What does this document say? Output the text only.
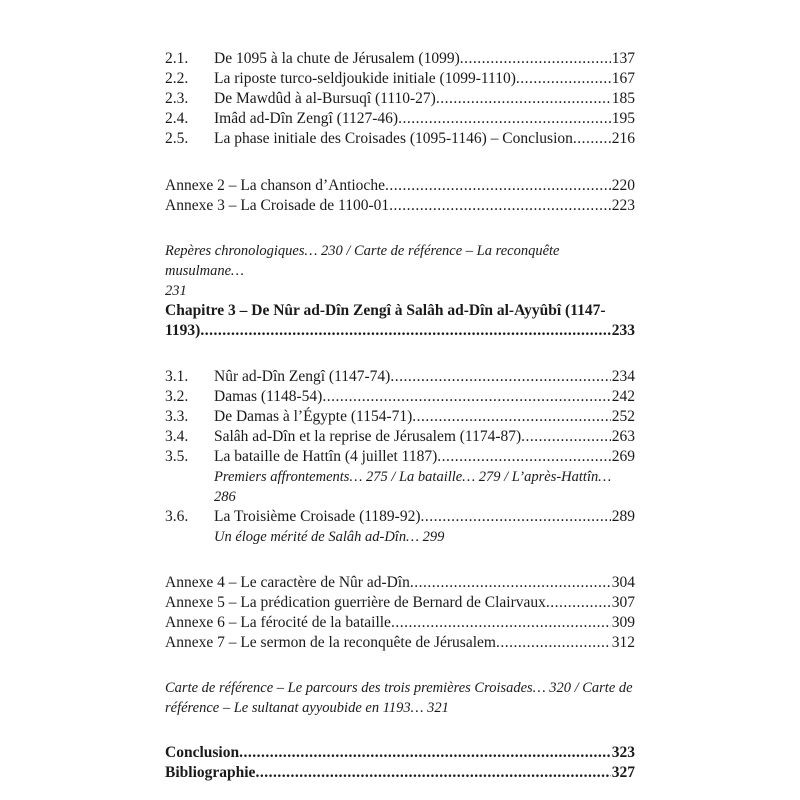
2.1.	De 1095 à la chute de Jérusalem (1099) .....	137
2.2.	La riposte turco-seldjoukide initiale (1099-1110) .....	167
2.3.	De Mawdûd à al-Bursuqî (1110-27) .....	185
2.4.	Imâd ad-Dîn Zengî (1127-46) .....	195
2.5.	La phase initiale des Croisades (1095-1146) – Conclusion .....	216
Annexe 2 – La chanson d’Antioche .....	220
Annexe 3 – La Croisade de 1100-01 .....	223
Repères chronologiques… 230 / Carte de référence – La reconquête musulmane…
231
Chapitre 3 – De Nûr ad-Dîn Zengî à Salâh ad-Dîn al-Ayyûbî (1147-
1193) .....	233
3.1.	Nûr ad-Dîn Zengî (1147-74) .....	234
3.2.	Damas (1148-54) .....	242
3.3.	De Damas à l’Égypte (1154-71) .....	252
3.4.	Salâh ad-Dîn et la reprise de Jérusalem (1174-87) .....	263
3.5.	La bataille de Hattîn (4 juillet 1187) .....	269
Premiers affrontements… 275 / La bataille… 279 / L’après-Hattîn…
286
3.6.	La Troisième Croisade (1189-92) .....	289
Un éloge mérité de Salâh ad-Dîn… 299
Annexe 4 – Le caractère de Nûr ad-Dîn .....	304
Annexe 5 – La prédication guerrière de Bernard de Clairvaux .....	307
Annexe 6 – La férocité de la bataille .....	309
Annexe 7 – Le sermon de la reconquête de Jérusalem .....	312
Carte de référence – Le parcours des trois premières Croisades… 320 / Carte de
référence – Le sultanat ayyoubide en 1193… 321
Conclusion .....	323
Bibliographie .....	327
